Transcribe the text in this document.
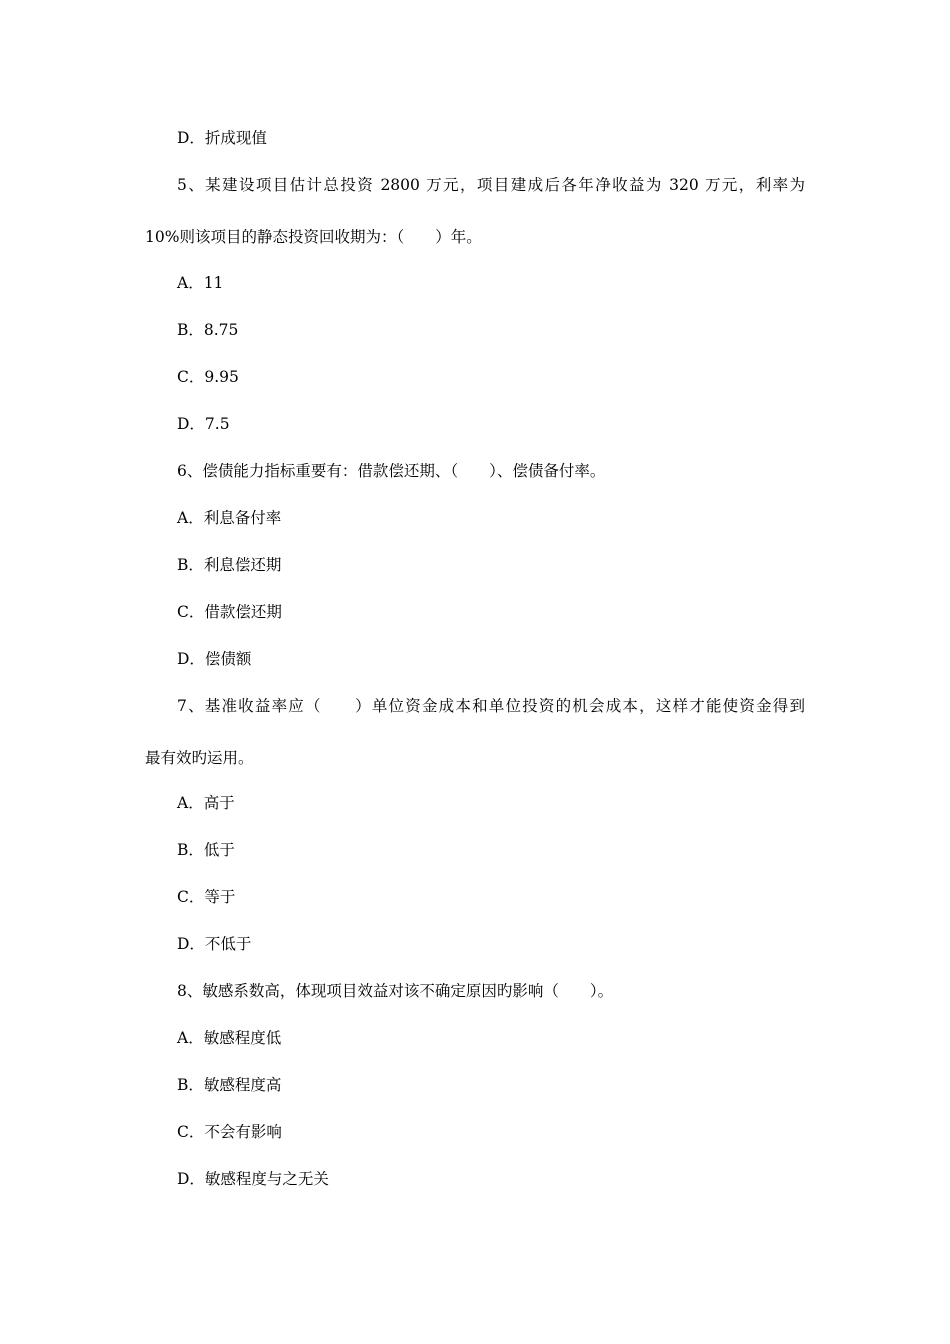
D．折成现值

5、某建设项目估计总投资 2800 万元，项目建成后各年净收益为 320 万元，利率为

10%则该项目的静态投资回收期为：（　　）年。

A．11

B．8.75

C．9.95

D．7.5

6、偿债能力指标重要有：借款偿还期、（　　）、偿债备付率。

A．利息备付率

B．利息偿还期

C．借款偿还期

D．偿债额

7、基准收益率应（　　）单位资金成本和单位投资的机会成本，这样才能使资金得到

最有效旳运用。

A．高于

B．低于

C．等于

D．不低于

8、敏感系数高，体现项目效益对该不确定原因旳影响（　　）。

A．敏感程度低

B．敏感程度高

C．不会有影响

D．敏感程度与之无关
